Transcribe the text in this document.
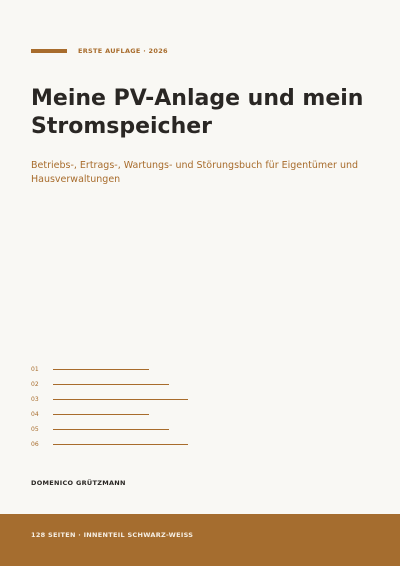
ERSTE AUFLAGE · 2026
Meine PV-Anlage und mein Stromspeicher

Betriebs-, Ertrags-, Wartungs- und Störungsbuch für Eigentümer und Hausverwaltungen

01
02
03
04
05
06
DOMENICO GRÜTZMANN
128 SEITEN · INNENTEIL SCHWARZ-WEISS
